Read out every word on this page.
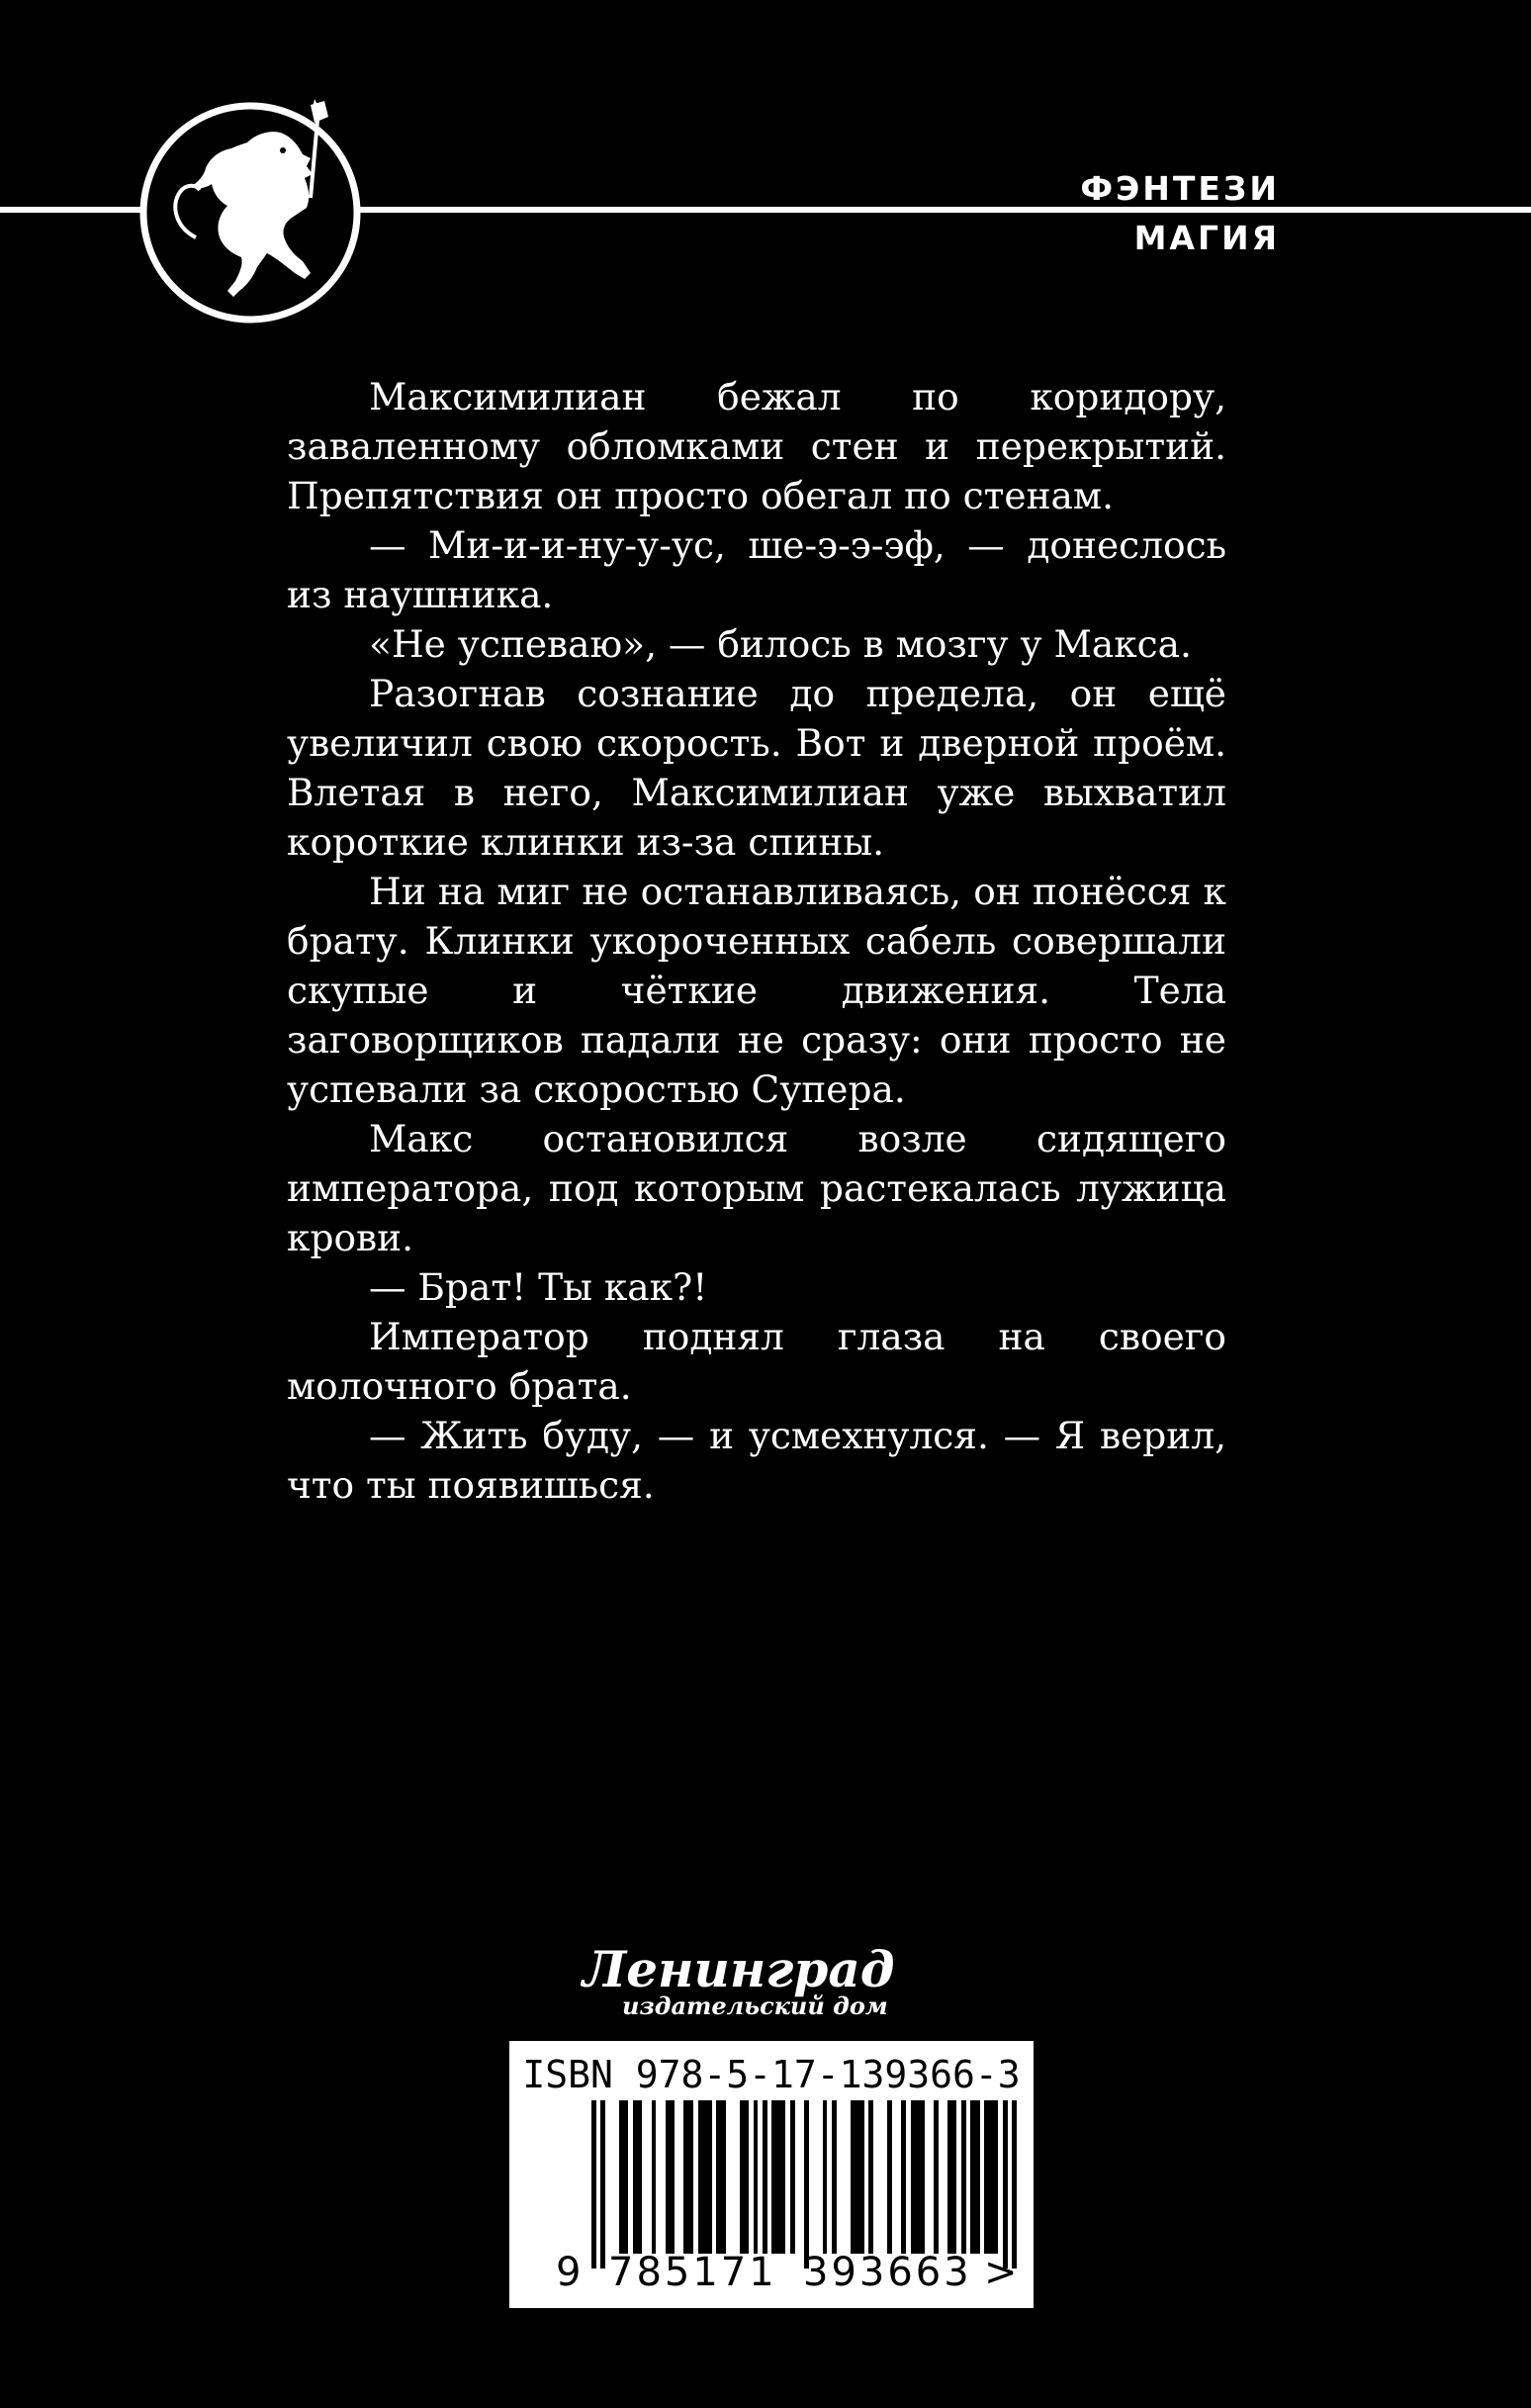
ФЭНТЕЗИ
МАГИЯ

Максимилиан бежал по коридору, заваленному обломками стен и перекрытий. Препятствия он просто обегал по стенам.

— Ми-и-и-ну-у-ус, ше-э-э-эф, — донеслось из наушника.

«Не успеваю», — билось в мозгу у Макса.

Разогнав сознание до предела, он ещё увеличил свою скорость. Вот и дверной проём. Влетая в него, Максимилиан уже выхватил короткие клинки из-за спины.

Ни на миг не останавливаясь, он понёсся к брату. Клинки укороченных сабель совершали скупые и чёткие движения. Тела заговорщиков падали не сразу: они просто не успевали за скоростью Супера.

Макс остановился возле сидящего императора, под которым растекалась лужица крови.

— Брат! Ты как?!

Император поднял глаза на своего молочного брата.

— Жить буду, — и усмехнулся. — Я верил, что ты появишься.

Ленинград
издательский дом
ISBN 978-5-17-139366-3
9 785171 393663 >
